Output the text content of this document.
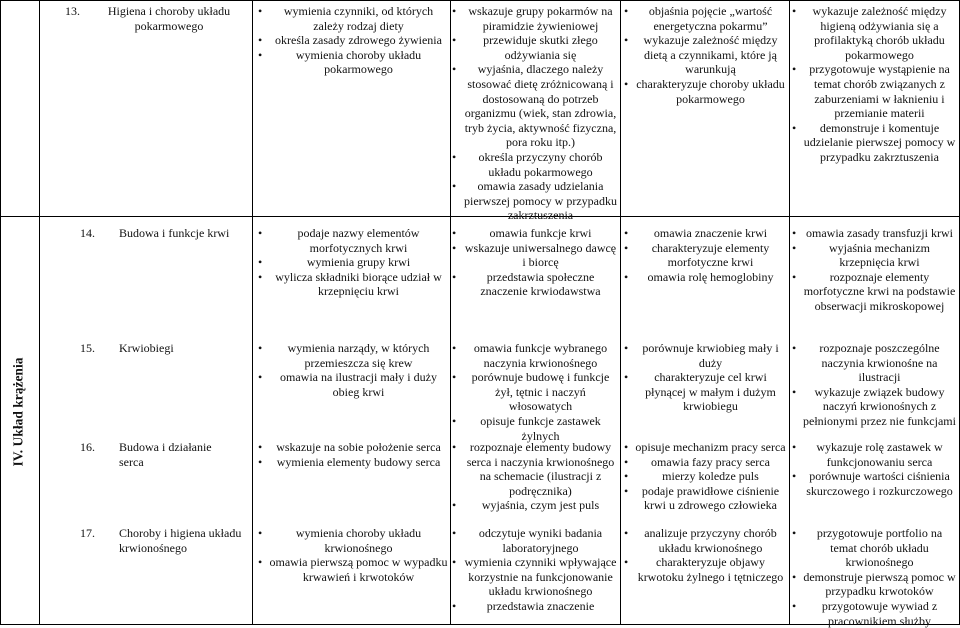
IV. Układ krążenia
13. Higiena i choroby układu pokarmowego
• wymienia czynniki, od których zależy rodzaj diety
• określa zasady zdrowego żywienia
• wymienia choroby układu pokarmowego
• wskazuje grupy pokarmów na piramidzie żywieniowej
• przewiduje skutki złego odżywiania się
• wyjaśnia, dlaczego należy stosować dietę zróżnicowaną i dostosowaną do potrzeb organizmu (wiek, stan zdrowia, tryb życia, aktywność fizyczna, pora roku itp.)
• określa przyczyny chorób układu pokarmowego
• omawia zasady udzielania pierwszej pomocy w przypadku zakrztuszenia
• objaśnia pojęcie „wartość energetyczna pokarmu”
• wykazuje zależność między dietą a czynnikami, które ją warunkują
• charakteryzuje choroby układu pokarmowego
• wykazuje zależność między higieną odżywiania się a profilaktyką chorób układu pokarmowego
• przygotowuje wystąpienie na temat chorób związanych z zaburzeniami w łaknieniu i przemianie materii
• demonstruje i komentuje udzielanie pierwszej pomocy w przypadku zakrztuszenia
14. Budowa i funkcje krwi	• podaje nazwy elementów morfotycznych krwi
• wymienia grupy krwi
• wylicza składniki biorące udział w krzepnięciu krwi
• omawia funkcje krwi
• wskazuje uniwersalnego dawcę i biorcę
• przedstawia społeczne znaczenie krwiodawstwa
• omawia znaczenie krwi
• charakteryzuje elementy morfotyczne krwi
• omawia rolę hemoglobiny
• omawia zasady transfuzji krwi
• wyjaśnia mechanizm krzepnięcia krwi
• rozpoznaje elementy morfotyczne krwi na podstawie obserwacji mikroskopowej
15. Krwiobiegi	• wymienia narządy, w których przemieszcza się krew
• omawia na ilustracji mały i duży obieg krwi
• omawia funkcje wybranego naczynia krwionośnego
• porównuje budowę i funkcje żył, tętnic i naczyń włosowatych
• opisuje funkcje zastawek żylnych
• porównuje krwiobieg mały i duży
• charakteryzuje cel krwi płynącej w małym i dużym krwiobiegu
• rozpoznaje poszczególne naczynia krwionośne na ilustracji
• wykazuje związek budowy naczyń krwionośnych z pełnionymi przez nie funkcjami
16. Budowa i działanie serca
• wskazuje na sobie położenie serca
• wymienia elementy budowy serca
• rozpoznaje elementy budowy serca i naczynia krwionośnego na schemacie (ilustracji z podręcznika)
• wyjaśnia, czym jest puls
• opisuje mechanizm pracy serca
• omawia fazy pracy serca
• mierzy koledze puls
• podaje prawidłowe ciśnienie krwi u zdrowego człowieka
• wykazuje rolę zastawek w funkcjonowaniu serca
• porównuje wartości ciśnienia skurczowego i rozkurczowego
17. Choroby i higiena układu krwionośnego
• wymienia choroby układu krwionośnego
• omawia pierwszą pomoc w wypadku krwawień i krwotoków
• odczytuje wyniki badania laboratoryjnego
• wymienia czynniki wpływające korzystnie na funkcjonowanie układu krwionośnego
• przedstawia znaczenie
• analizuje przyczyny chorób układu krwionośnego
• charakteryzuje objawy krwotoku żylnego i tętniczego
• przygotowuje portfolio na temat chorób układu krwionośnego
• demonstruje pierwszą pomoc w przypadku krwotoków
• przygotowuje wywiad z pracownikiem służby
